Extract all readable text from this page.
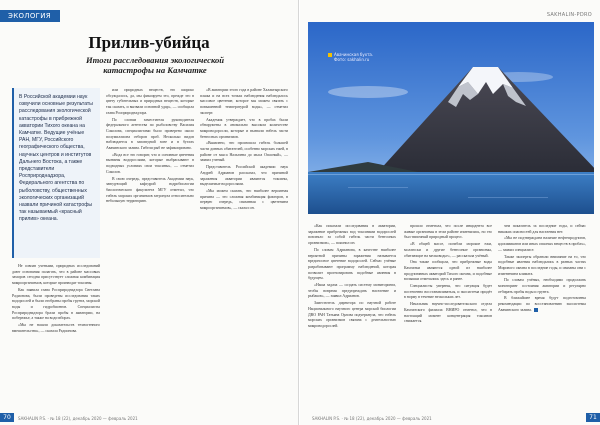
ЭКОЛОГИЯ
Прилив-убийца
Итоги расследования экологической
катастрофы на Камчатке

В Российской академии наук озвучили основные результаты расследования экологической катастрофы в прибрежной акватории Тихого океана на Камчатке. Ведущие учёные РАН, МГУ, Российского географического общества, научных центров и институтов Дальнего Востока, а также представители Росприроднадзора, Федерального агентства по рыболовству, общественных экологических организаций назвали причиной катастрофы так называемый «красный прилив» океана.

Не совпав учеными, природных исследований дают основания полагать, что в районе массовых заморов сегодня присутствует сложная комбинация микроорганизмов, которые производят токсины.

Как заявила глава Росприроднадзора Светлана Радионова, были проведены исследования таких водорослей и были отобраны пробы грунта, морской воды и гидробионтов. Специалисты Росприроднадзора брали пробы в акватории, на побережье, а также на водозаборах.

«Мы не нашли доказательств техногенного вмешательства», — сказала Радионова.

или природных веществ, это широко обсуждалось, да, мы фиксируем это, прежде это в цвету губительных и природных веществ, которые так сказать, и вызвали основной удар», — сообщила глава Росприроднадзора.

По словам заместителя руководителя федерального агентства по рыболовству Василия Соколова, специалистами было проверено около полумиллиона отборов проб. Несколько видов наблюдается в заповедной зоне и в бухтах Авачинского залива. Гибели рыб не зафиксировано.

«Вода все это говорит, что и основные цветения вызваны водорослями, которые выбрасывают в подводных условиях свои токсины», — отметил Соколов.

В свою очередь, представитель Академии наук, заведующий кафедрой гидробиологии биологического факультета МГУ отметил, что гибель морских организмов затронула относительно небольшую территорию.

«В акватории этого года в районе Халактырского пляжа и на всех точках наблюдения наблюдалось массовое цветение, которое мы можем связать с повышенной температурой воды», — отметил эксперт.

Академик утверждает, что в пробах были обнаружены в аномально высоком количестве микроводоросли, которые и вызвали гибель части бентосных организмов.

«Выявлено, что произошла гибель большей части донных обитателей, особенно морских ежей, в районе от мыса Налычева до мыса Опасный», — заявил ученый.

Представитель Российской академии наук Андрей Адрианов рассказал, что причиной заражения акватории являются токсины, выделяемые водорослями.

«Мы можем сказать, что наиболее вероятная причина — это сложная комбинация факторов, в первую очередь, связанная с цветением микроорганизмов», — сказал он.

70	SAKHALIN P.S. · № 18 (22), декабрь 2020 — февраль 2021
SAKHALIN-PDRO
Авачинская бухта.
Фото: sakhalin.ru

«Как показали исследования в акватории, заражение прибрежных вод токсинами водорослей повлекло за собой гибель части бентосных организмов», — пояснил он.

По словам Адрианова, в качестве наиболее вероятной причины заражения называется вредоносное цветение водорослей. Сейчас учёные разрабатывают программу наблюдений, которая позволит прогнозировать подобные явления в будущем.

«Наша задача — создать систему мониторинга, чтобы вовремя предупреждать население и рыбаков», — заявил Адрианов.

Заместитель директора по научной работе Национального научного центра морской биологии ДВО РАН Татьяна Орлова подчеркнула, что гибель морских организмов связана с деятельностью микроводорослей.

прошло отметила, что после инцидента все живые организмы в этом районе изменились, но это был типичный природный процесс.

«В общей массе, погибли морские ежи, моллюски и другие бентосные организмы, обитающие на мелководье», — рассказала учёный.

Она также сообщила, что прибрежные воды Камчатки являются одной из наиболее продуктивных акваторий Тихого океана, и подобные вспышки отмечались здесь и ранее.

Специалисты уверены, что ситуация будет постепенно восстанавливаться, и экосистема придёт в норму в течение нескольких лет.

Начальник научно-исследовательского отдела Камчатского филиала ВНИРО отметил, что в настоящий момент концентрация токсинов снижается.

чем показатель за последние годы, и сейчас никаких опасностей для населения нет.

«Мы не подтверждаем наличие нефтепродуктов, ядохимикатов или иных опасных веществ в пробах», — заявил специалист.

Также эксперты обратили внимание на то, что подобные явления наблюдались в разных частях Мирового океана в последние годы, и связаны они с изменением климата.

По словам учёных, необходимо продолжать мониторинг состояния акватории и регулярно отбирать пробы воды и грунта.

В ближайшее время будут подготовлены рекомендации по восстановлению экосистемы Авачинского залива.

SAKHALIN P.S. · № 18 (22), декабрь 2020 — февраль 2021	71
